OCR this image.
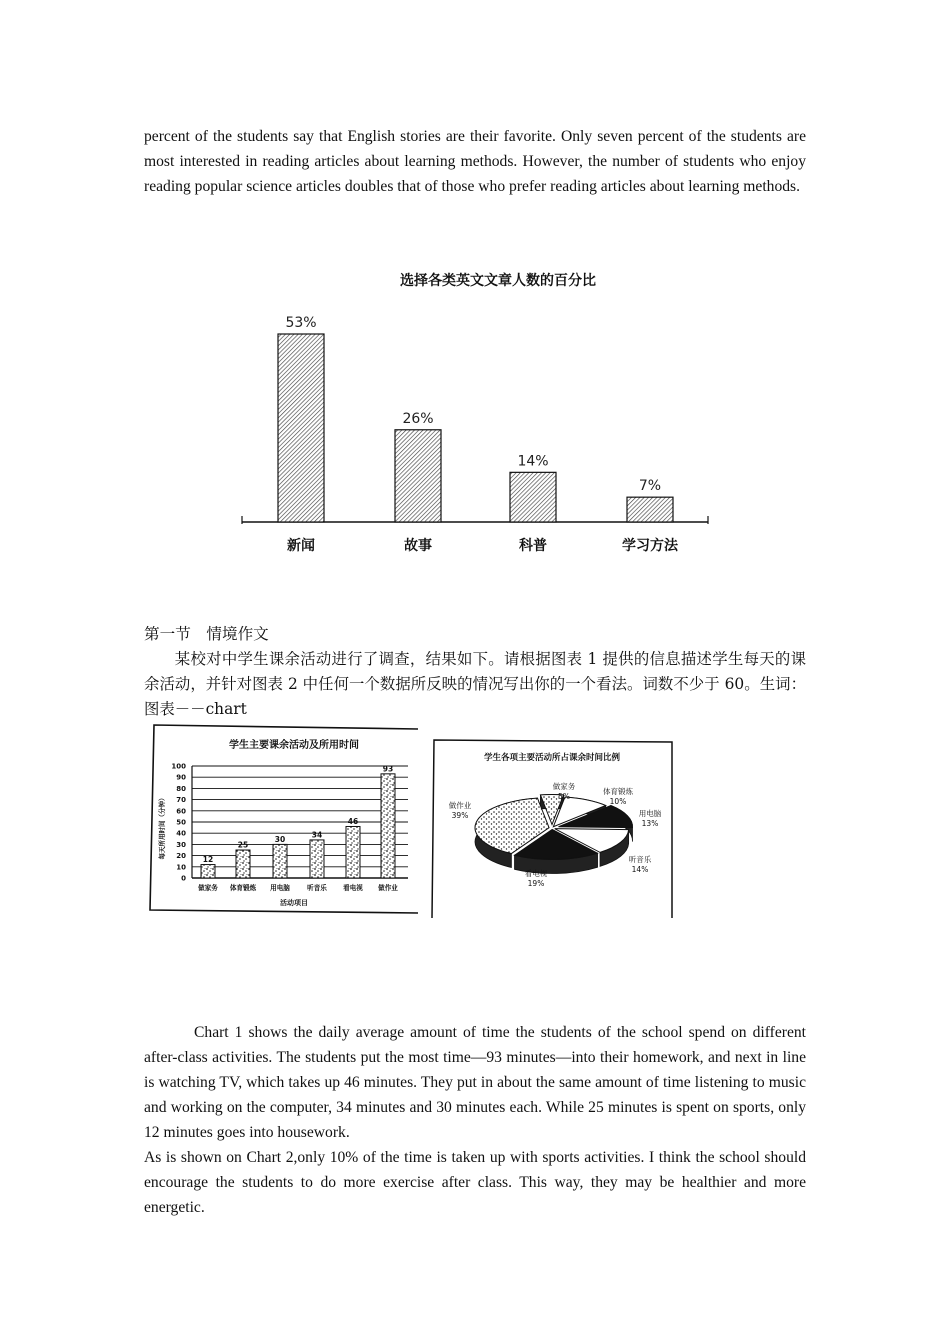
percent of the students say that English stories are their favorite. Only seven percent of the students are most interested in reading articles about learning methods. However, the number of students who enjoy reading popular science articles doubles that of those who prefer reading articles about learning methods.

选择各类英文文章人数的百分比
53%
新闻
26%
故事
14%
科普
7%
学习方法

第一节　情境作文

某校对中学生课余活动进行了调查，结果如下。请根据图表 1 提供的信息描述学生每天的课余活动，并针对图表 2 中任何一个数据所反映的情况写出你的一个看法。词数不少于 60。生词：图表－－chart

学生主要课余活动及所用时间
每天所用时间（分钟）
0
10
20
30
40
50
60
70
80
90
100
12
做家务
25
体育锻炼
30
用电脑
34
听音乐
46
看电视
93
做作业
活动项目
学生各项主要活动所占课余时间比例
做家务
5%
体育锻炼
10%
用电脑
13%
听音乐
14%
看电视
19%
做作业
39%

Chart 1 shows the daily average amount of time the students of the school spend on different after-class activities. The students put the most time—93 minutes—into their homework, and next in line is watching TV, which takes up 46 minutes. They put in about the same amount of time listening to music and working on the computer, 34 minutes and 30 minutes each. While 25 minutes is spent on sports, only 12 minutes goes into housework.

As is shown on Chart 2,only 10% of the time is taken up with sports activities. I think the school should encourage the students to do more exercise after class. This way, they may be healthier and more energetic.
